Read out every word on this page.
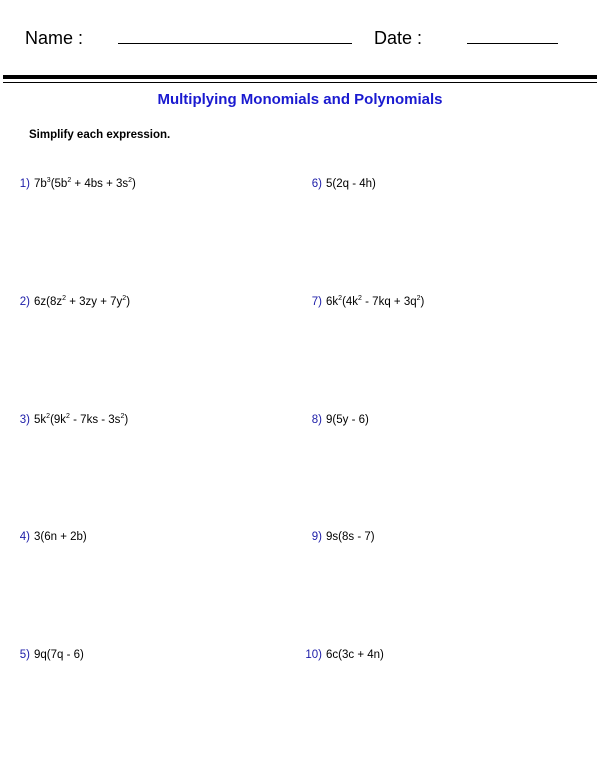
Name :	Date :
Multiplying Monomials and Polynomials
Simplify each expression.
1 ) $7b^3(5b^2 + 4bs + 3s^2)$
2 ) $6z(8z^2 + 3zy + 7y^2)$
3 ) $5k^2(9k^2 - 7ks - 3s^2)$
4 ) 3(6n + 2b)
5 ) 9q(7q - 6)
6 ) 5(2q - 4h)
7 ) $6k^2(4k^2 - 7kq + 3q^2)$
8 ) 9(5y - 6)
9 ) 9s(8s - 7)
10 ) 6c(3c + 4n)
